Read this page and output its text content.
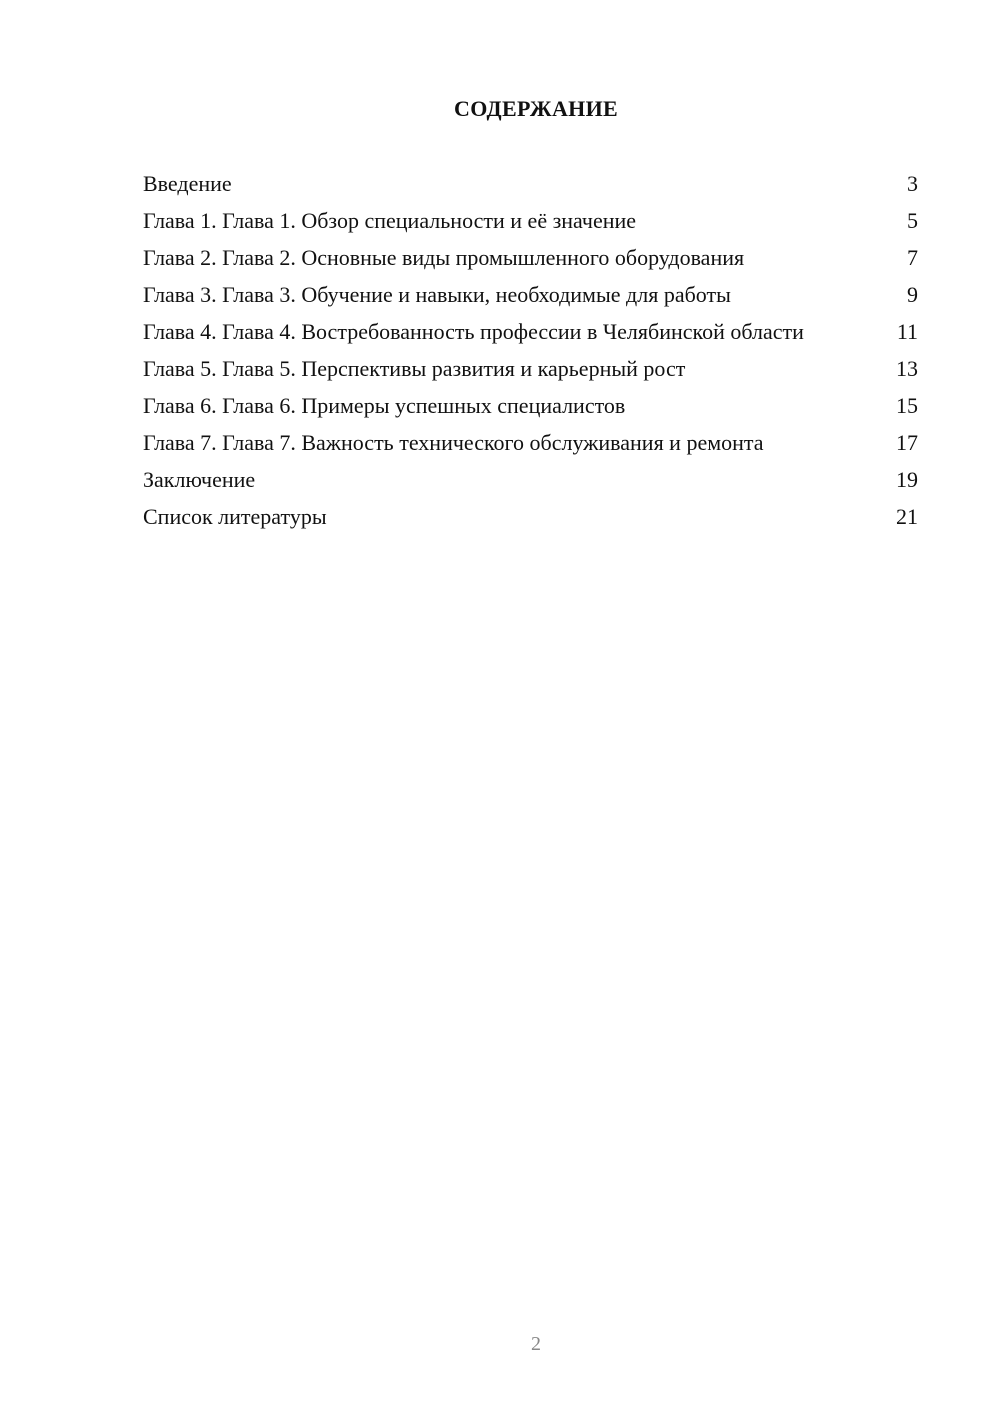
СОДЕРЖАНИЕ
Введение	3
Глава 1. Глава 1. Обзор специальности и её значение	5
Глава 2. Глава 2. Основные виды промышленного оборудования	7
Глава 3. Глава 3. Обучение и навыки, необходимые для работы	9
Глава 4. Глава 4. Востребованность профессии в Челябинской области	11
Глава 5. Глава 5. Перспективы развития и карьерный рост	13
Глава 6. Глава 6. Примеры успешных специалистов	15
Глава 7. Глава 7. Важность технического обслуживания и ремонта	17
Заключение	19
Список литературы	21
2
